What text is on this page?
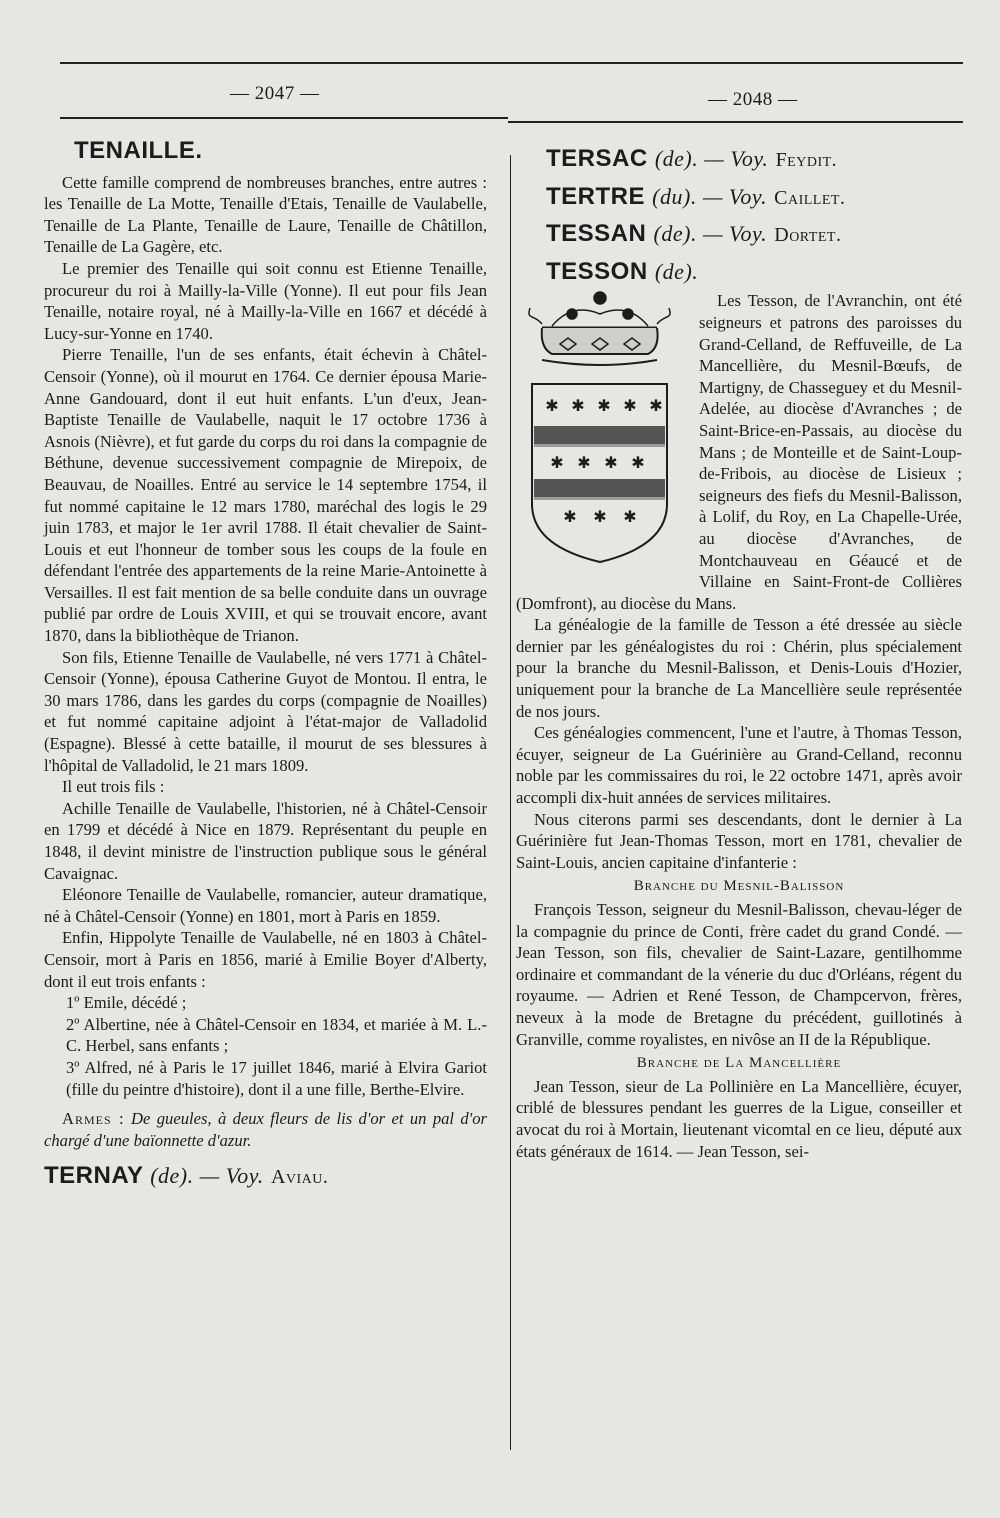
— 2047 —	— 2048 —

TENAILLE.

Cette famille comprend de nombreuses branches, entre autres : les Tenaille de La Motte, Tenaille d'Etais, Tenaille de Vaulabelle, Tenaille de La Plante, Tenaille de Laure, Tenaille de Châtillon, Tenaille de La Gagère, etc.

Le premier des Tenaille qui soit connu est Etienne Tenaille, procureur du roi à Mailly-la-Ville (Yonne). Il eut pour fils Jean Tenaille, notaire royal, né à Mailly-la-Ville en 1667 et décédé à Lucy-sur-Yonne en 1740.

Pierre Tenaille, l'un de ses enfants, était échevin à Châtel-Censoir (Yonne), où il mourut en 1764. Ce dernier épousa Marie-Anne Gandouard, dont il eut huit enfants. L'un d'eux, Jean-Baptiste Tenaille de Vaulabelle, naquit le 17 octobre 1736 à Asnois (Nièvre), et fut garde du corps du roi dans la compagnie de Béthune, devenue successivement compagnie de Mirepoix, de Beauvau, de Noailles. Entré au service le 14 septembre 1754, il fut nommé capitaine le 12 mars 1780, maréchal des logis le 29 juin 1783, et major le 1er avril 1788. Il était chevalier de Saint-Louis et eut l'honneur de tomber sous les coups de la foule en défendant l'entrée des appartements de la reine Marie-Antoinette à Versailles. Il est fait mention de sa belle conduite dans un ouvrage publié par ordre de Louis XVIII, et qui se trouvait encore, avant 1870, dans la bibliothèque de Trianon.

Son fils, Etienne Tenaille de Vaulabelle, né vers 1771 à Châtel-Censoir (Yonne), épousa Catherine Guyot de Montou. Il entra, le 30 mars 1786, dans les gardes du corps (compagnie de Noailles) et fut nommé capitaine adjoint à l'état-major de Valladolid (Espagne). Blessé à cette bataille, il mourut de ses blessures à l'hôpital de Valladolid, le 21 mars 1809.

Il eut trois fils :

Achille Tenaille de Vaulabelle, l'historien, né à Châtel-Censoir en 1799 et décédé à Nice en 1879. Représentant du peuple en 1848, il devint ministre de l'instruction publique sous le général Cavaignac.

Eléonore Tenaille de Vaulabelle, romancier, auteur dramatique, né à Châtel-Censoir (Yonne) en 1801, mort à Paris en 1859.

Enfin, Hippolyte Tenaille de Vaulabelle, né en 1803 à Châtel-Censoir, mort à Paris en 1856, marié à Emilie Boyer d'Alberty, dont il eut trois enfants :

1º Emile, décédé ;

2º Albertine, née à Châtel-Censoir en 1834, et mariée à M. L.-C. Herbel, sans enfants ;

3º Alfred, né à Paris le 17 juillet 1846, marié à Elvira Gariot (fille du peintre d'histoire), dont il a une fille, Berthe-Elvire.

Armes : De gueules, à deux fleurs de lis d'or et un pal d'or chargé d'une baïonnette d'azur.

TERNAY (de). — Voy. Aviau.

TERSAC (de). — Voy. Feydit.

TERTRE (du). — Voy. Caillet.

TESSAN (de). — Voy. Dortet.

TESSON (de).

✱ ✱ ✱ ✱ ✱
✱ ✱ ✱ ✱
✱ ✱ ✱

Les Tesson, de l'Avranchin, ont été seigneurs et patrons des paroisses du Grand-Celland, de Reffuveille, de La Mancellière, du Mesnil-Bœufs, de Martigny, de Chasseguey et du Mesnil-Adelée, au diocèse d'Avranches ; de Saint-Brice-en-Passais, au diocèse du Mans ; de Monteille et de Saint-Loup-de-Fribois, au diocèse de Lisieux ; seigneurs des fiefs du Mesnil-Balisson, à Lolif, du Roy, en La Chapelle-Urée, au diocèse d'Avranches, de Montchauveau en Géaucé et de Villaine en Saint-Front-de Collières (Domfront), au diocèse du Mans.

La généalogie de la famille de Tesson a été dressée au siècle dernier par les généalogistes du roi : Chérin, plus spécialement pour la branche du Mesnil-Balisson, et Denis-Louis d'Hozier, uniquement pour la branche de La Mancellière seule représentée de nos jours.

Ces généalogies commencent, l'une et l'autre, à Thomas Tesson, écuyer, seigneur de La Guérinière au Grand-Celland, reconnu noble par les commissaires du roi, le 22 octobre 1471, après avoir accompli dix-huit années de services militaires.

Nous citerons parmi ses descendants, dont le dernier à La Guérinière fut Jean-Thomas Tesson, mort en 1781, chevalier de Saint-Louis, ancien capitaine d'infanterie :

Branche du Mesnil-Balisson

François Tesson, seigneur du Mesnil-Balisson, chevau-léger de la compagnie du prince de Conti, frère cadet du grand Condé. — Jean Tesson, son fils, chevalier de Saint-Lazare, gentilhomme ordinaire et commandant de la vénerie du duc d'Orléans, régent du royaume. — Adrien et René Tesson, de Champcervon, frères, neveux à la mode de Bretagne du précédent, guillotinés à Granville, comme royalistes, en nivôse an II de la République.

Branche de La Mancellière

Jean Tesson, sieur de La Pollinière en La Mancellière, écuyer, criblé de blessures pendant les guerres de la Ligue, conseiller et avocat du roi à Mortain, lieutenant vicomtal en ce lieu, député aux états généraux de 1614. — Jean Tesson, sei-
